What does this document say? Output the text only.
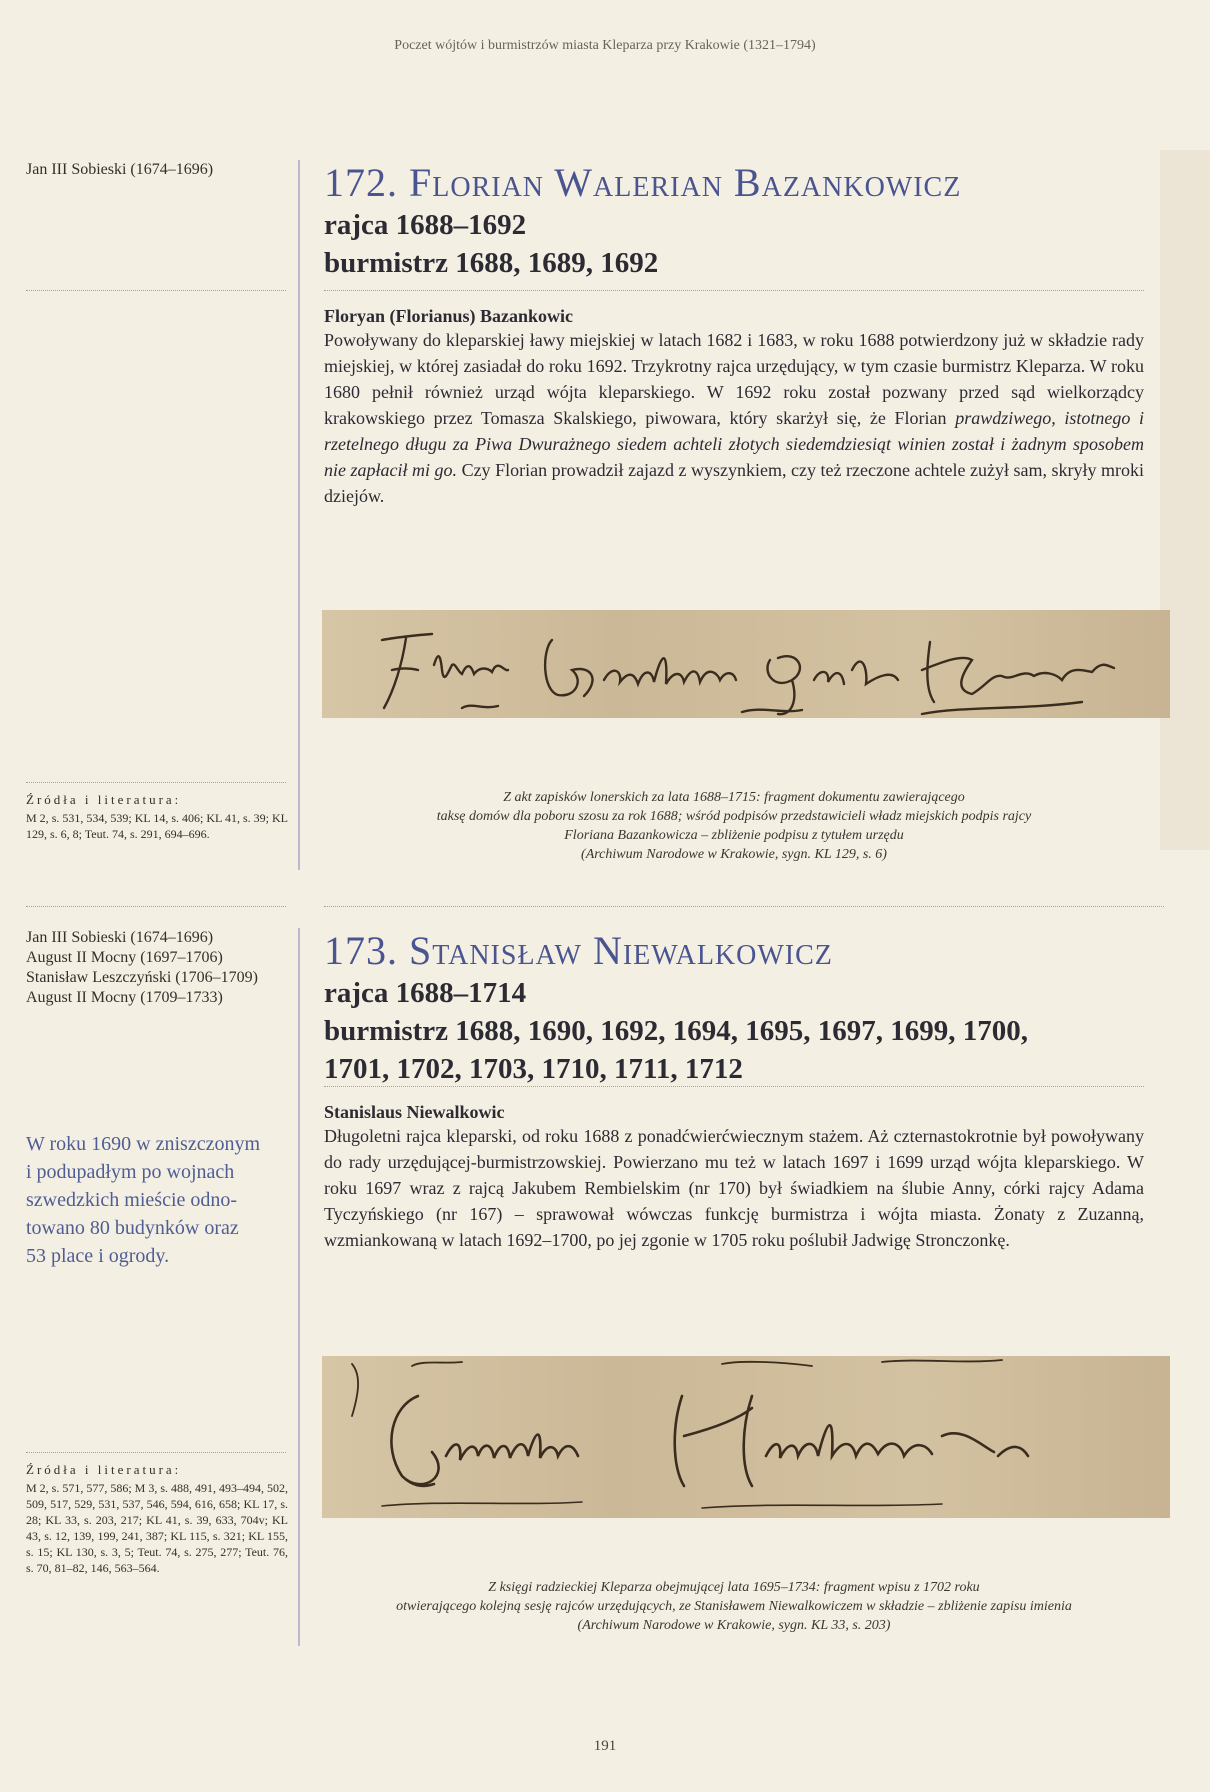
Poczet wójtów i burmistrzów miasta Kleparza przy Krakowie (1321–1794)
Jan III Sobieski (1674–1696)
Źródła i literatura:
M 2, s. 531, 534, 539; KL 14, s. 406; KL 41, s. 39; KL 129, s. 6, 8; Teut. 74, s. 291, 694–696.
172. Florian Walerian Bazankowicz
rajca 1688–1692
burmistrz 1688, 1689, 1692
Floryan (Florianus) Bazankowic
Powoływany do kleparskiej ławy miejskiej w latach 1682 i 1683, w roku 1688 potwierdzony już w składzie rady miejskiej, w której zasiadał do roku 1692. Trzykrotny rajca urzędujący, w tym czasie burmistrz Kleparza. W roku 1680 pełnił również urząd wójta kleparskiego. W 1692 roku został pozwany przed sąd wielkorządcy krakowskiego przez Tomasza Skalskiego, piwowara, który skarżył się, że Florian prawdziwego, istotnego i rzetelnego długu za Piwa Dwurażnego siedem achteli złotych siedemdziesiąt winien został i żadnym sposobem nie zapłacił mi go. Czy Florian prowadził zajazd z wyszynkiem, czy też rzeczone achtele zużył sam, skryły mroki dziejów.
Z akt zapisków lonerskich za lata 1688–1715: fragment dokumentu zawierającego
taksę domów dla poboru szosu za rok 1688; wśród podpisów przedstawicieli władz miejskich podpis rajcy
Floriana Bazankowicza – zbliżenie podpisu z tytułem urzędu
(Archiwum Narodowe w Krakowie, sygn. KL 129, s. 6)
Jan III Sobieski (1674–1696)
August II Mocny (1697–1706)
Stanisław Leszczyński (1706–1709)
August II Mocny (1709–1733)
W roku 1690 w zniszczonym
i podupadłym po wojnach
szwedzkich mieście odno-
towano 80 budynków oraz
53 place i ogrody.
Źródła i literatura:
M 2, s. 571, 577, 586; M 3, s. 488, 491, 493–494, 502, 509, 517, 529, 531, 537, 546, 594, 616, 658; KL 17, s. 28; KL 33, s. 203, 217; KL 41, s. 39, 633, 704v; KL 43, s. 12, 139, 199, 241, 387; KL 115, s. 321; KL 155, s. 15; KL 130, s. 3, 5; Teut. 74, s. 275, 277; Teut. 76, s. 70, 81–82, 146, 563–564.
173. Stanisław Niewalkowicz
rajca 1688–1714
burmistrz 1688, 1690, 1692, 1694, 1695, 1697, 1699, 1700,
1701, 1702, 1703, 1710, 1711, 1712
Stanislaus Niewalkowic
Długoletni rajca kleparski, od roku 1688 z ponadćwierćwiecznym stażem. Aż czternastokrotnie był powoływany do rady urzędującej-burmistrzowskiej. Powierzano mu też w latach 1697 i 1699 urząd wójta kleparskiego. W roku 1697 wraz z rajcą Jakubem Rembielskim (nr 170) był świadkiem na ślubie Anny, córki rajcy Adama Tyczyńskiego (nr 167) – sprawował wówczas funkcję burmistrza i wójta miasta. Żonaty z Zuzanną, wzmiankowaną w latach 1692–1700, po jej zgonie w 1705 roku poślubił Jadwigę Stronczonkę.
Z księgi radzieckiej Kleparza obejmującej lata 1695–1734: fragment wpisu z 1702 roku
otwierającego kolejną sesję rajców urzędujących, ze Stanisławem Niewalkowiczem w składzie – zbliżenie zapisu imienia
(Archiwum Narodowe w Krakowie, sygn. KL 33, s. 203)
191
